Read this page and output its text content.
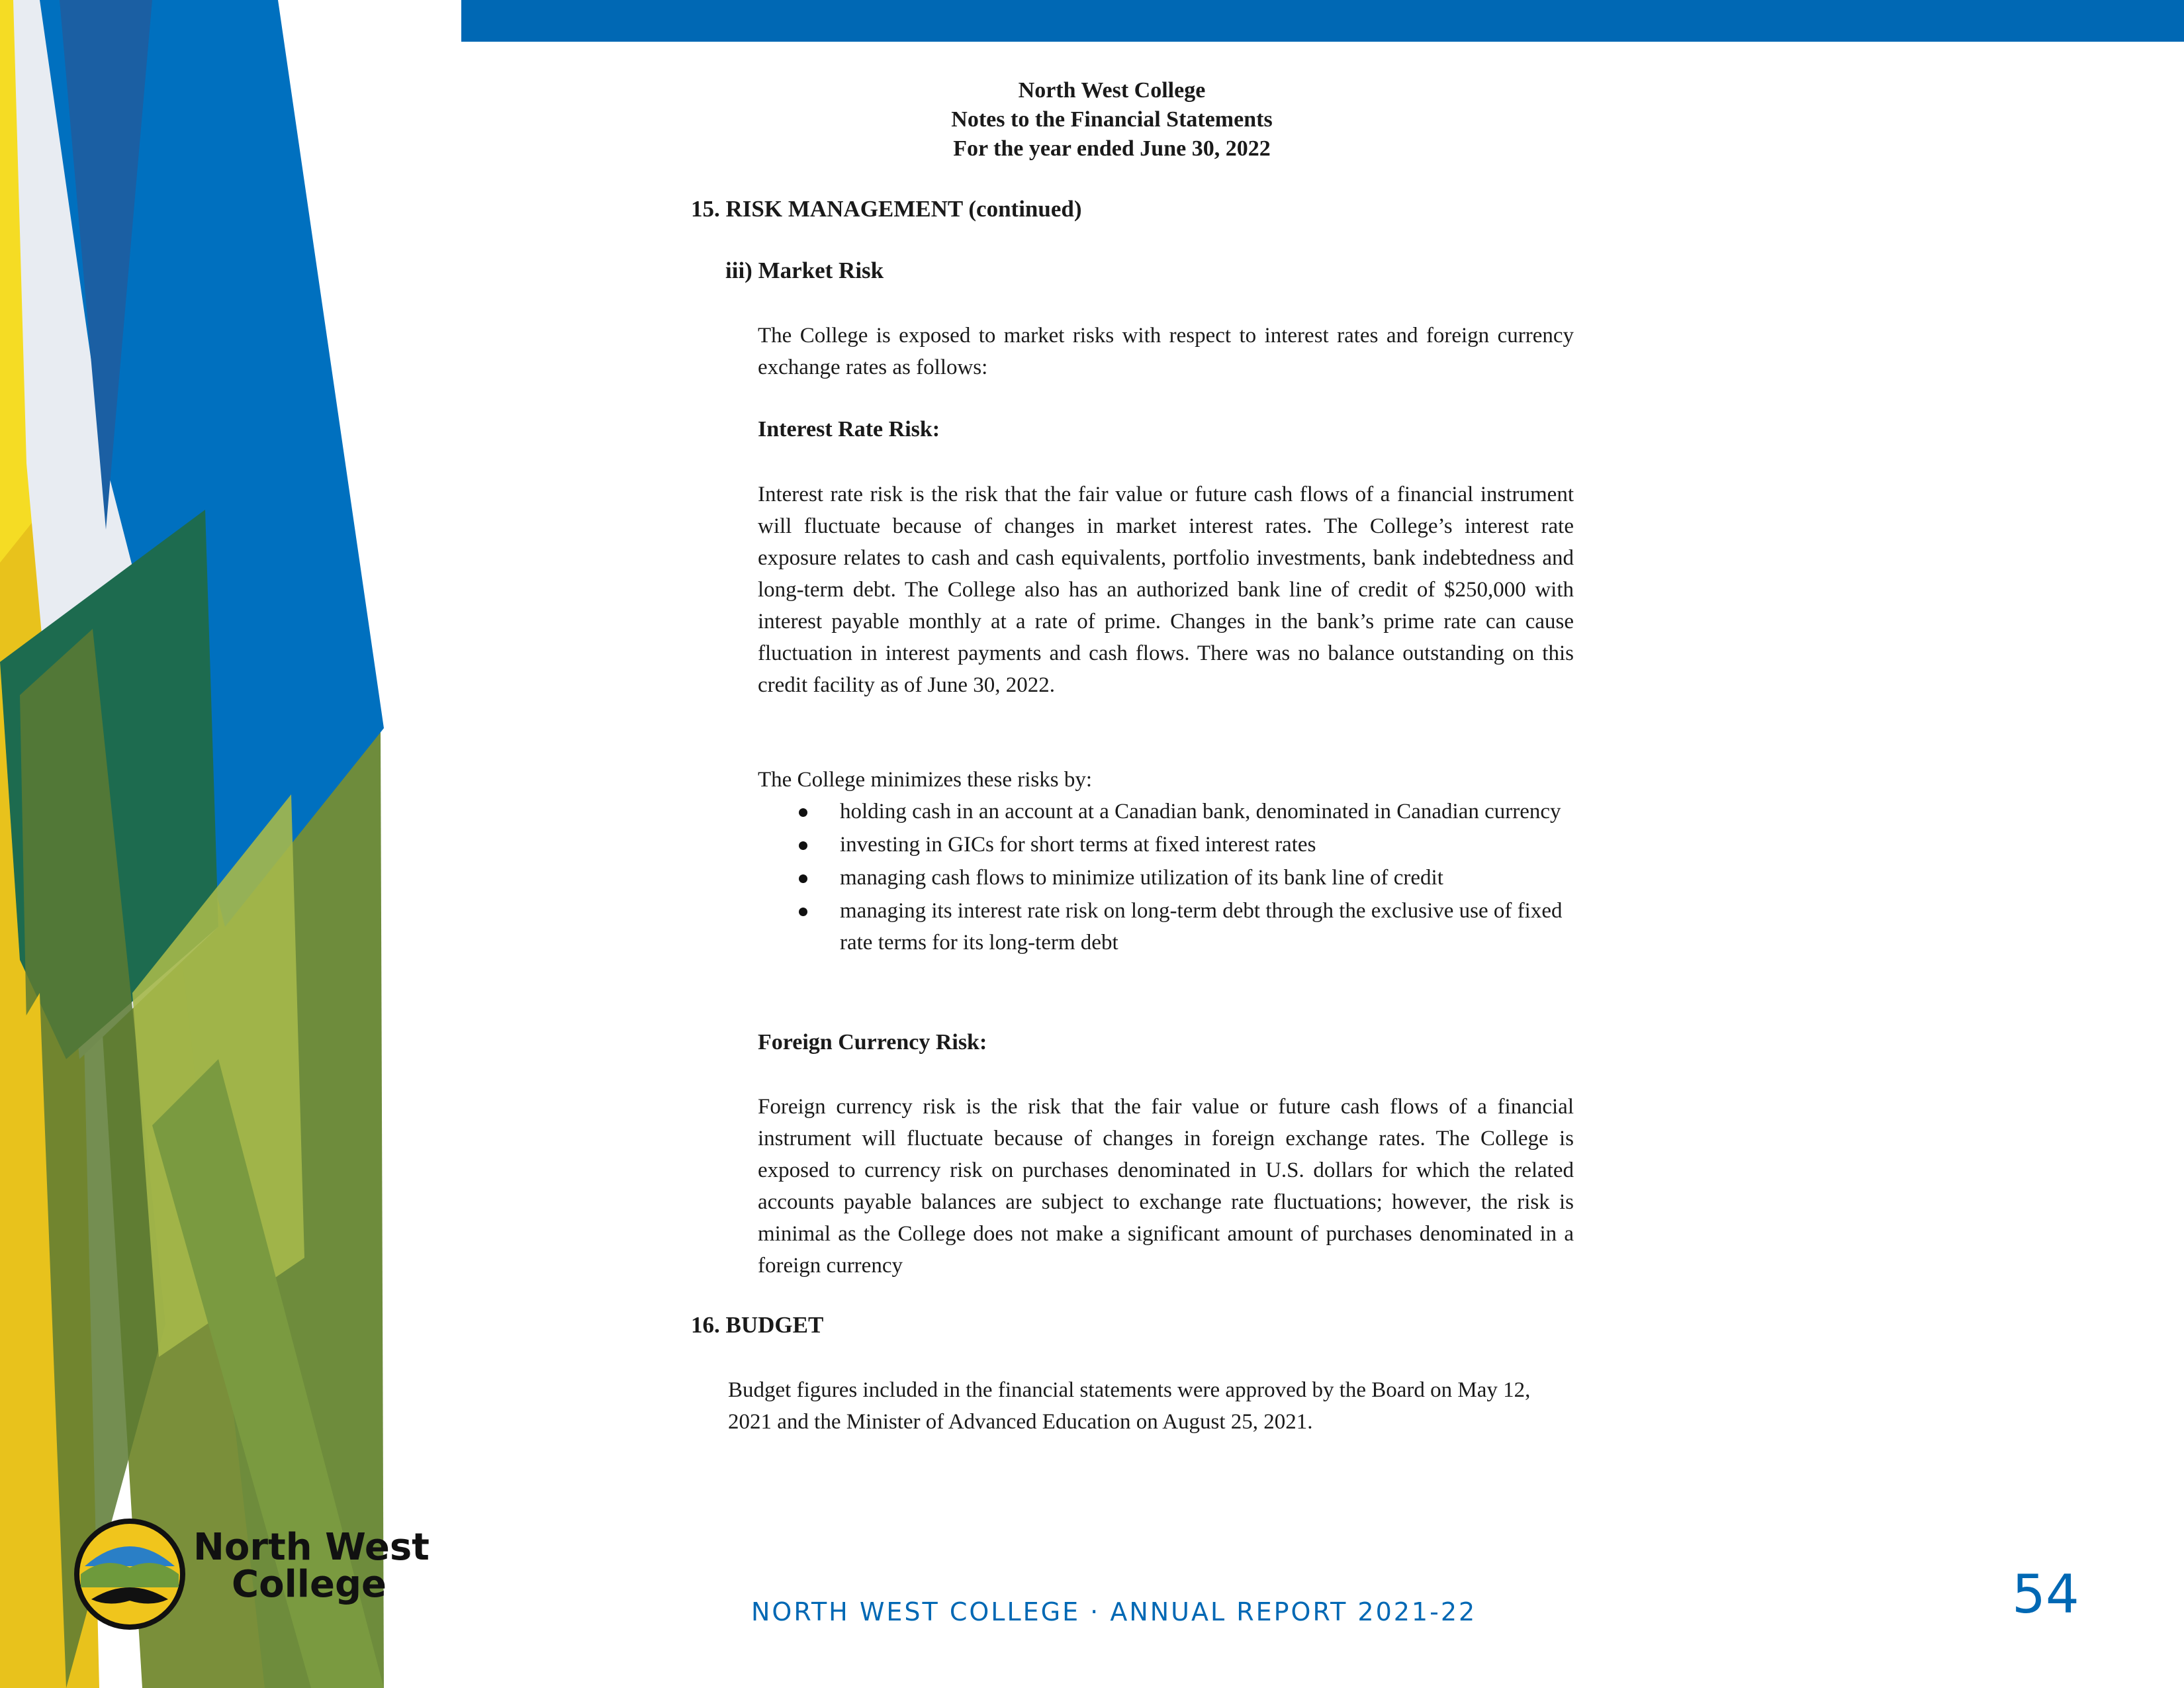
North West College
Notes to the Financial Statements
For the year ended June 30, 2022
15. RISK MANAGEMENT (continued)
iii) Market Risk
The College is exposed to market risks with respect to interest rates and foreign currency exchange rates as follows:
Interest Rate Risk:
Interest rate risk is the risk that the fair value or future cash flows of a financial instrument will fluctuate because of changes in market interest rates. The College’s interest rate exposure relates to cash and cash equivalents, portfolio investments, bank indebtedness and long-term debt. The College also has an authorized bank line of credit of $250,000 with interest payable monthly at a rate of prime. Changes in the bank’s prime rate can cause fluctuation in interest payments and cash flows. There was no balance outstanding on this credit facility as of June 30, 2022.
The College minimizes these risks by:
holding cash in an account at a Canadian bank, denominated in Canadian currency
investing in GICs for short terms at fixed interest rates
managing cash flows to minimize utilization of its bank line of credit
managing its interest rate risk on long-term debt through the exclusive use of fixed rate terms for its long-term debt
Foreign Currency Risk:
Foreign currency risk is the risk that the fair value or future cash flows of a financial instrument will fluctuate because of changes in foreign exchange rates. The College is exposed to currency risk on purchases denominated in U.S. dollars for which the related accounts payable balances are subject to exchange rate fluctuations; however, the risk is minimal as the College does not make a significant amount of purchases denominated in a foreign currency
16. BUDGET
Budget figures included in the financial statements were approved by the Board on May 12, 2021 and the Minister of Advanced Education on August 25, 2021.
North West
College
NORTH WEST COLLEGE · ANNUAL REPORT 2021-22	54
